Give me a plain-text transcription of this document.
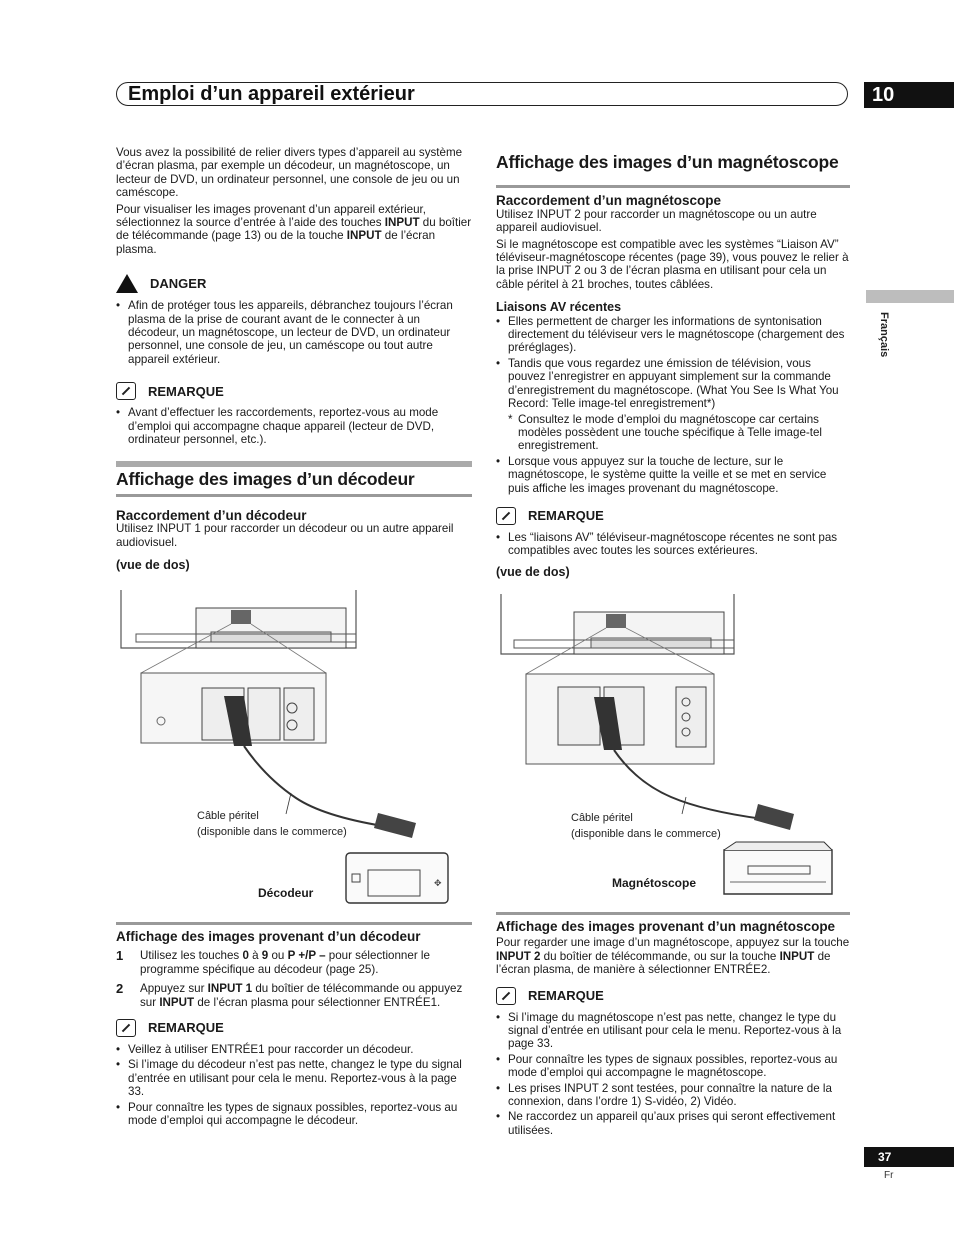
Emploi d’un appareil extérieur	10
Français

Vous avez la possibilité de relier divers types d’appareil au système d’écran plasma, par exemple un décodeur, un magnétoscope, un lecteur de DVD, un ordinateur personnel, une console de jeu ou un caméscope.

Pour visualiser les images provenant d’un appareil extérieur, sélectionnez la source d’entrée à l’aide des touches INPUT du boîtier de télécommande (page 13) ou de la touche INPUT de l’écran plasma.

DANGER
• Afin de protéger tous les appareils, débranchez toujours l’écran plasma de la prise de courant avant de le connecter à un décodeur, un magnétoscope, un lecteur de DVD, un ordinateur personnel, une console de jeu, un caméscope ou tout autre appareil extérieur.
REMARQUE
• Avant d’effectuer les raccordements, reportez-vous au mode d’emploi qui accompagne chaque appareil (lecteur de DVD, ordinateur personnel, etc.).
Affichage des images d’un décodeur
Raccordement d’un décodeur

Utilisez INPUT 1 pour raccorder un décodeur ou un autre appareil audiovisuel.

(vue de dos)
✥
Câble péritel
(disponible dans le commerce)
Décodeur
Affichage des images provenant d’un décodeur
1	Utilisez les touches 0 à 9 ou P +/P – pour sélectionner le programme spécifique au décodeur (page 25).
2	Appuyez sur INPUT 1 du boîtier de télécommande ou appuyez sur INPUT de l’écran plasma pour sélectionner ENTRÉE1.
REMARQUE
• Veillez à utiliser ENTRÉE1 pour raccorder un décodeur.
• Si l’image du décodeur n’est pas nette, changez le type du signal d’entrée en utilisant pour cela le menu. Reportez-vous à la page 33.
• Pour connaître les types de signaux possibles, reportez-vous au mode d’emploi qui accompagne le décodeur.
Affichage des images d’un magnétoscope
Raccordement d’un magnétoscope

Utilisez INPUT 2 pour raccorder un magnétoscope ou un autre appareil audiovisuel.

Si le magnétoscope est compatible avec les systèmes “Liaison AV” téléviseur-magnétoscope récentes (page 39), vous pouvez le relier à la prise INPUT 2 ou 3 de l’écran plasma en utilisant pour cela un câble péritel à 21 broches, toutes câblées.

Liaisons AV récentes
• Elles permettent de charger les informations de syntonisation directement du téléviseur vers le magnétoscope (chargement des préréglages).
• Tandis que vous regardez une émission de télévision, vous pouvez l’enregistrer en appuyant simplement sur la commande d’enregistrement du magnétoscope. (What You See Is What You Record: Telle image-tel enregistrement*)
* Consultez le mode d’emploi du magnétoscope car certains modèles possèdent une touche spécifique à Telle image-tel enregistrement.
• Lorsque vous appuyez sur la touche de lecture, sur le magnétoscope, le système quitte la veille et se met en service puis affiche les images provenant du magnétoscope.
REMARQUE
• Les “liaisons AV” téléviseur-magnétoscope récentes ne sont pas compatibles avec toutes les sources extérieures.
(vue de dos)
Câble péritel
(disponible dans le commerce)
Magnétoscope
Affichage des images provenant d’un magnétoscope

Pour regarder une image d’un magnétoscope, appuyez sur la touche INPUT 2 du boîtier de télécommande, ou sur la touche INPUT de l’écran plasma, de manière à sélectionner ENTRÉE2.

REMARQUE
• Si l’image du magnétoscope n’est pas nette, changez le type du signal d’entrée en utilisant pour cela le menu. Reportez-vous à la page 33.
• Pour connaître les types de signaux possibles, reportez-vous au mode d’emploi qui accompagne le magnétoscope.
• Les prises INPUT 2 sont testées, pour connaître la nature de la connexion, dans l’ordre 1) S-vidéo, 2) Vidéo.
• Ne raccordez un appareil qu’aux prises qui seront effectivement utilisées.
37
Fr
